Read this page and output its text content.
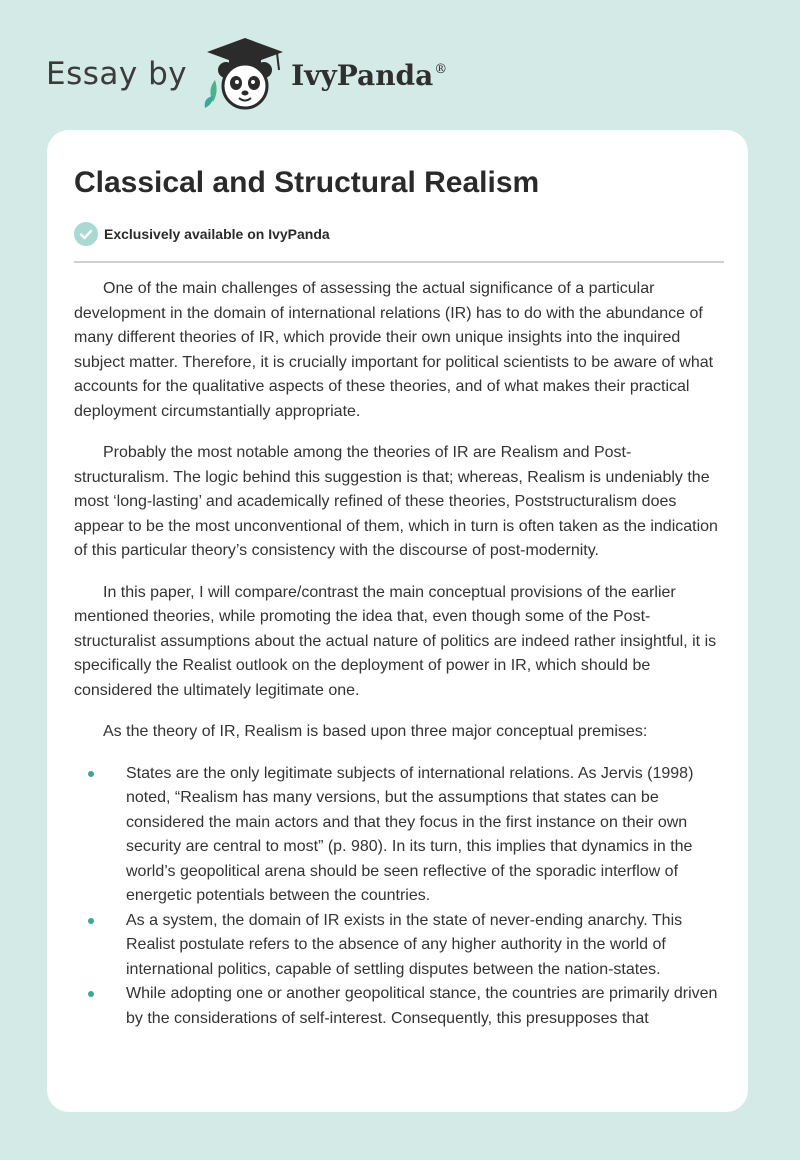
Essay by	IvyPanda®
Classical and Structural Realism
Exclusively available on IvyPanda

One of the main challenges of assessing the actual significance of a particular development in the domain of international relations (IR) has to do with the abundance of many different theories of IR, which provide their own unique insights into the inquired subject matter. Therefore, it is crucially important for political scientists to be aware of what accounts for the qualitative aspects of these theories, and of what makes their practical deployment circumstantially appropriate.

Probably the most notable among the theories of IR are Realism and Post-structuralism. The logic behind this suggestion is that; whereas, Realism is undeniably the most ‘long-lasting’ and academically refined of these theories, Poststructuralism does appear to be the most unconventional of them, which in turn is often taken as the indication of this particular theory’s consistency with the discourse of post-modernity.

In this paper, I will compare/contrast the main conceptual provisions of the earlier mentioned theories, while promoting the idea that, even though some of the Post-structuralist assumptions about the actual nature of politics are indeed rather insightful, it is specifically the Realist outlook on the deployment of power in IR, which should be considered the ultimately legitimate one.

As the theory of IR, Realism is based upon three major conceptual premises:

States are the only legitimate subjects of international relations. As Jervis (1998) noted, “Realism has many versions, but the assumptions that states can be considered the main actors and that they focus in the first instance on their own security are central to most” (p. 980). In its turn, this implies that dynamics in the world’s geopolitical arena should be seen reflective of the sporadic interflow of energetic potentials between the countries.
As a system, the domain of IR exists in the state of never-ending anarchy. This Realist postulate refers to the absence of any higher authority in the world of international politics, capable of settling disputes between the nation-states.
While adopting one or another geopolitical stance, the countries are primarily driven by the considerations of self-interest. Consequently, this presupposes that
